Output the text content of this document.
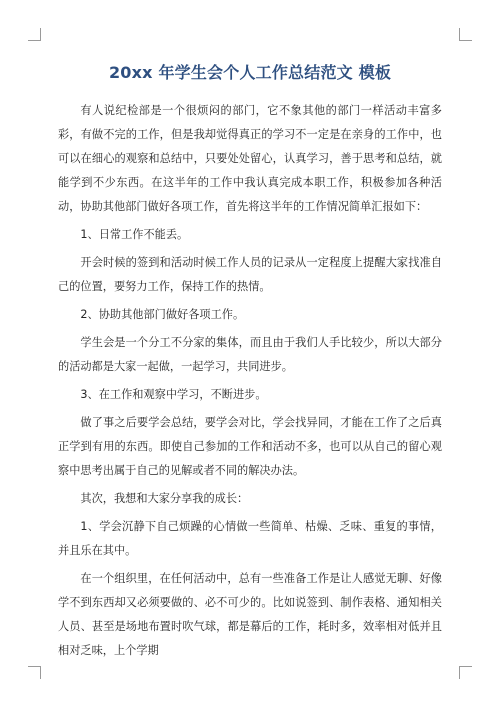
20xx 年学生会个人工作总结范文 模板

有人说纪检部是一个很烦闷的部门，它不象其他的部门一样活动丰富多彩，有做不完的工作，但是我却觉得真正的学习不一定是在亲身的工作中，也可以在细心的观察和总结中，只要处处留心，认真学习，善于思考和总结，就能学到不少东西。在这半年的工作中我认真完成本职工作，积极参加各种活动，协助其他部门做好各项工作，首先将这半年的工作情况简单汇报如下：

1、日常工作不能丢。

开会时候的签到和活动时候工作人员的记录从一定程度上提醒大家找准自己的位置，要努力工作，保持工作的热情。

2、协助其他部门做好各项工作。

学生会是一个分工不分家的集体，而且由于我们人手比较少，所以大部分的活动都是大家一起做，一起学习，共同进步。

3、在工作和观察中学习，不断进步。

做了事之后要学会总结，要学会对比，学会找异同，才能在工作了之后真正学到有用的东西。即使自己参加的工作和活动不多，也可以从自己的留心观察中思考出属于自己的见解或者不同的解决办法。

其次，我想和大家分享我的成长：

1、学会沉静下自己烦躁的心情做一些简单、枯燥、乏味、重复的事情，并且乐在其中。

在一个组织里，在任何活动中，总有一些准备工作是让人感觉无聊、好像学不到东西却又必须要做的、必不可少的。比如说签到、制作表格、通知相关人员、甚至是场地布置时吹气球，都是幕后的工作，耗时多，效率相对低并且相对乏味，上个学期
